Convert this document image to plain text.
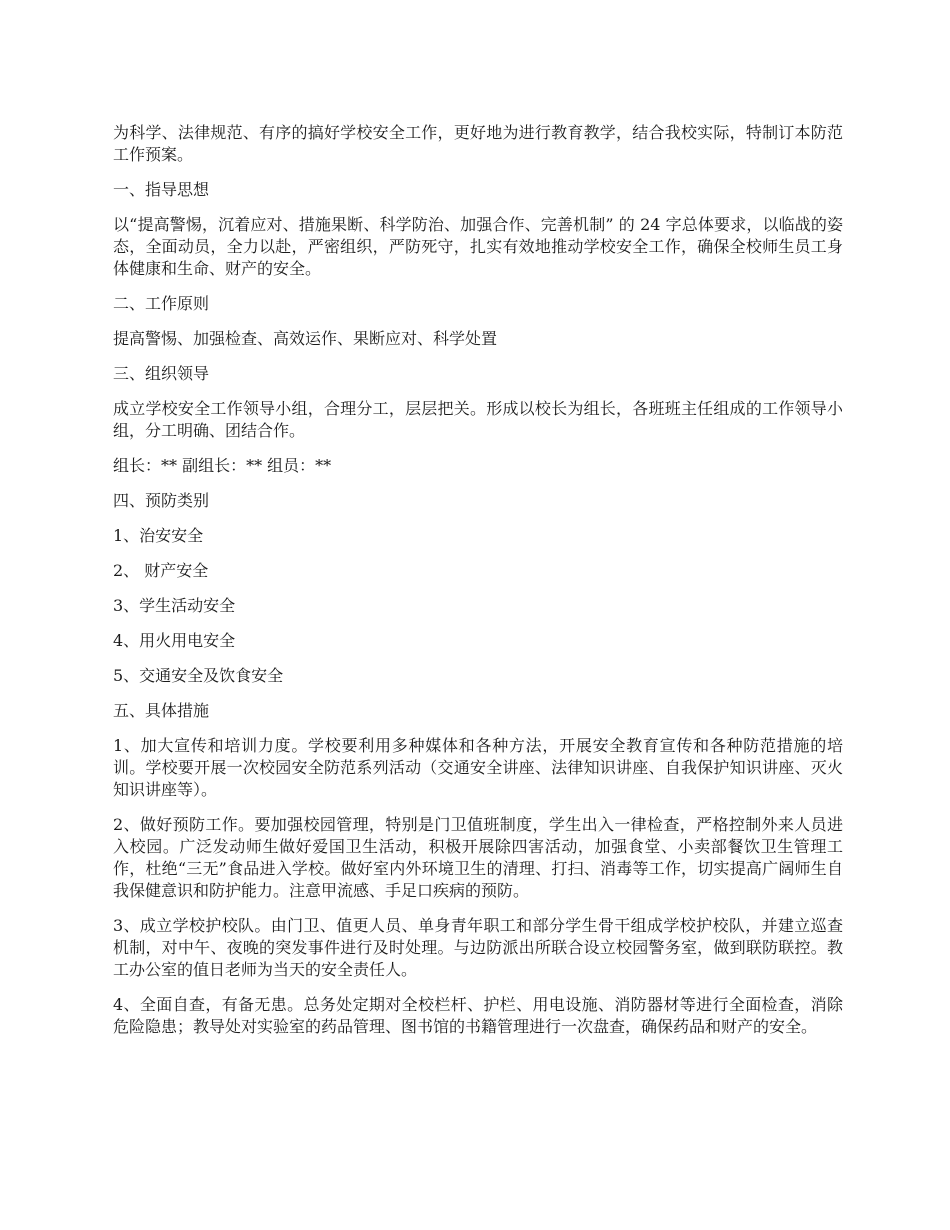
为科学、法律规范、有序的搞好学校安全工作，更好地为进行教育教学，结合我校实际，特制订本防范工作预案。

一、指导思想

以“提高警惕，沉着应对、措施果断、科学防治、加强合作、完善机制” 的 24 字总体要求，以临战的姿态，全面动员，全力以赴，严密组织，严防死守，扎实有效地推动学校安全工作，确保全校师生员工身体健康和生命、财产的安全。

二、工作原则

提高警惕、加强检查、高效运作、果断应对、科学处置

三、组织领导

成立学校安全工作领导小组，合理分工，层层把关。形成以校长为组长，各班班主任组成的工作领导小组，分工明确、团结合作。

组长：** 副组长：** 组员：**

四、预防类别

1、治安安全

2、 财产安全

3、学生活动安全

4、用火用电安全

5、交通安全及饮食安全

五、具体措施

1、加大宣传和培训力度。学校要利用多种媒体和各种方法，开展安全教育宣传和各种防范措施的培训。学校要开展一次校园安全防范系列活动（交通安全讲座、法律知识讲座、自我保护知识讲座、灭火知识讲座等）。

2、做好预防工作。要加强校园管理，特别是门卫值班制度，学生出入一律检查，严格控制外来人员进入校园。广泛发动师生做好爱国卫生活动，积极开展除四害活动，加强食堂、小卖部餐饮卫生管理工作，杜绝“三无”食品进入学校。做好室内外环境卫生的清理、打扫、消毒等工作，切实提高广阔师生自我保健意识和防护能力。注意甲流感、手足口疾病的预防。

3、成立学校护校队。由门卫、值更人员、单身青年职工和部分学生骨干组成学校护校队，并建立巡查机制，对中午、夜晚的突发事件进行及时处理。与边防派出所联合设立校园警务室，做到联防联控。教工办公室的值日老师为当天的安全责任人。

4、全面自查，有备无患。总务处定期对全校栏杆、护栏、用电设施、消防器材等进行全面检查，消除危险隐患；教导处对实验室的药品管理、图书馆的书籍管理进行一次盘查，确保药品和财产的安全。
